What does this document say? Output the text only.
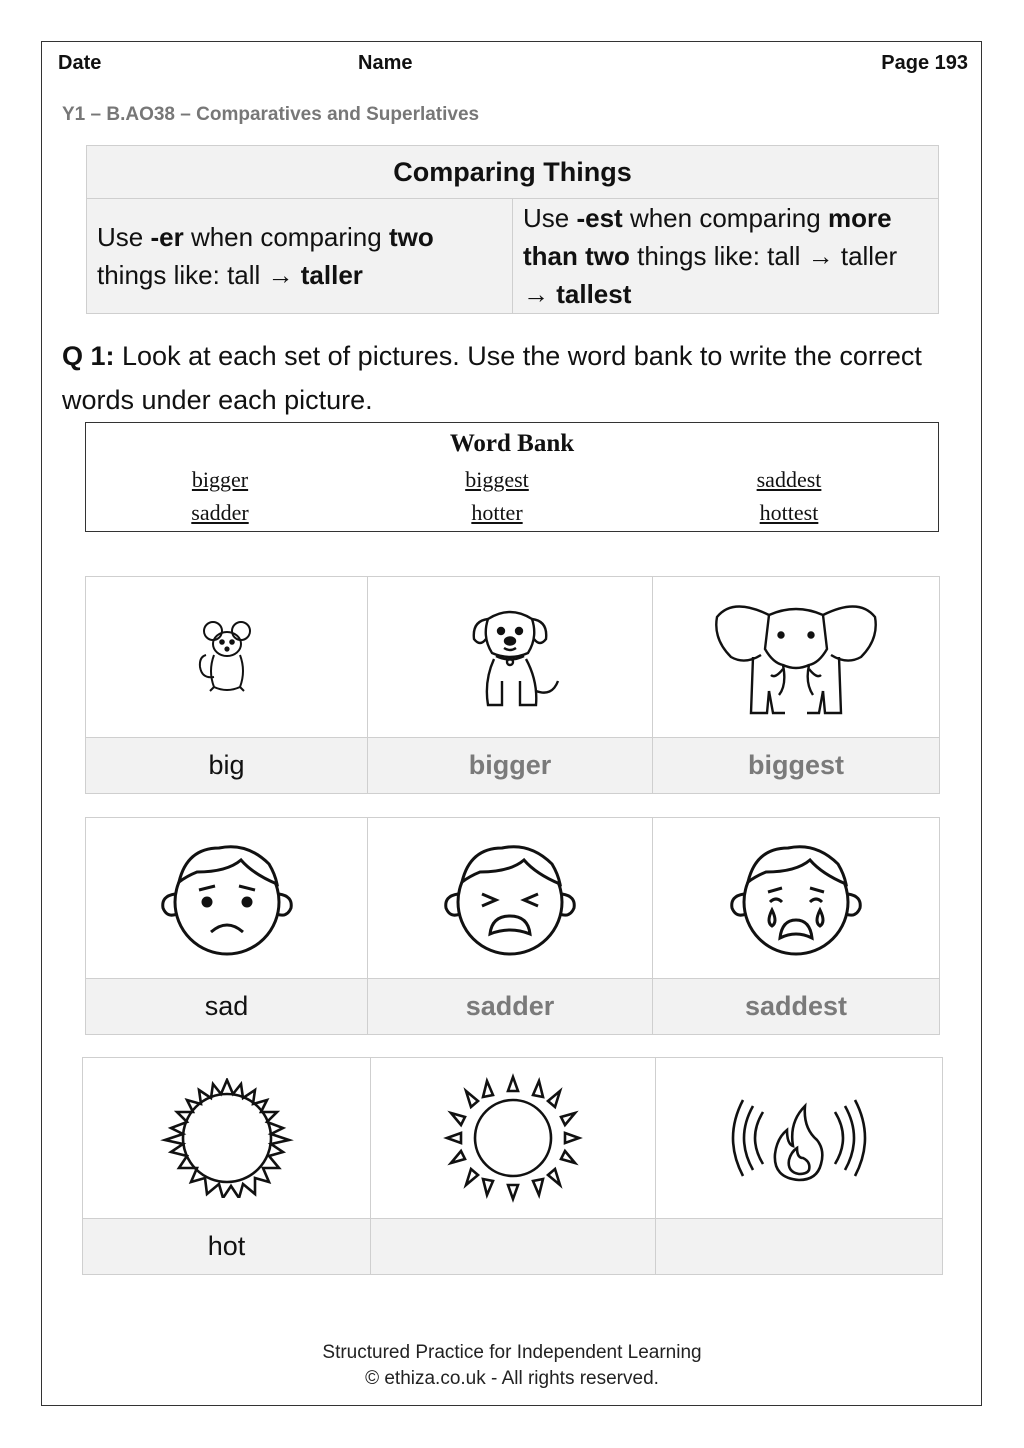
Date	Name	Page 193
Y1 – B.AO38 – Comparatives and Superlatives
Comparing Things
Use -er when comparing two things like: tall → taller	Use -est when comparing more than two things like: tall → taller → tallest
Q 1: Look at each set of pictures. Use the word bank to write the correct words under each picture.
Word Bank
bigger	biggest	saddest
sadder	hotter	hottest

big	bigger	biggest

sad	sadder	saddest

hot		
Structured Practice for Independent Learning
© ethiza.co.uk - All rights reserved.
